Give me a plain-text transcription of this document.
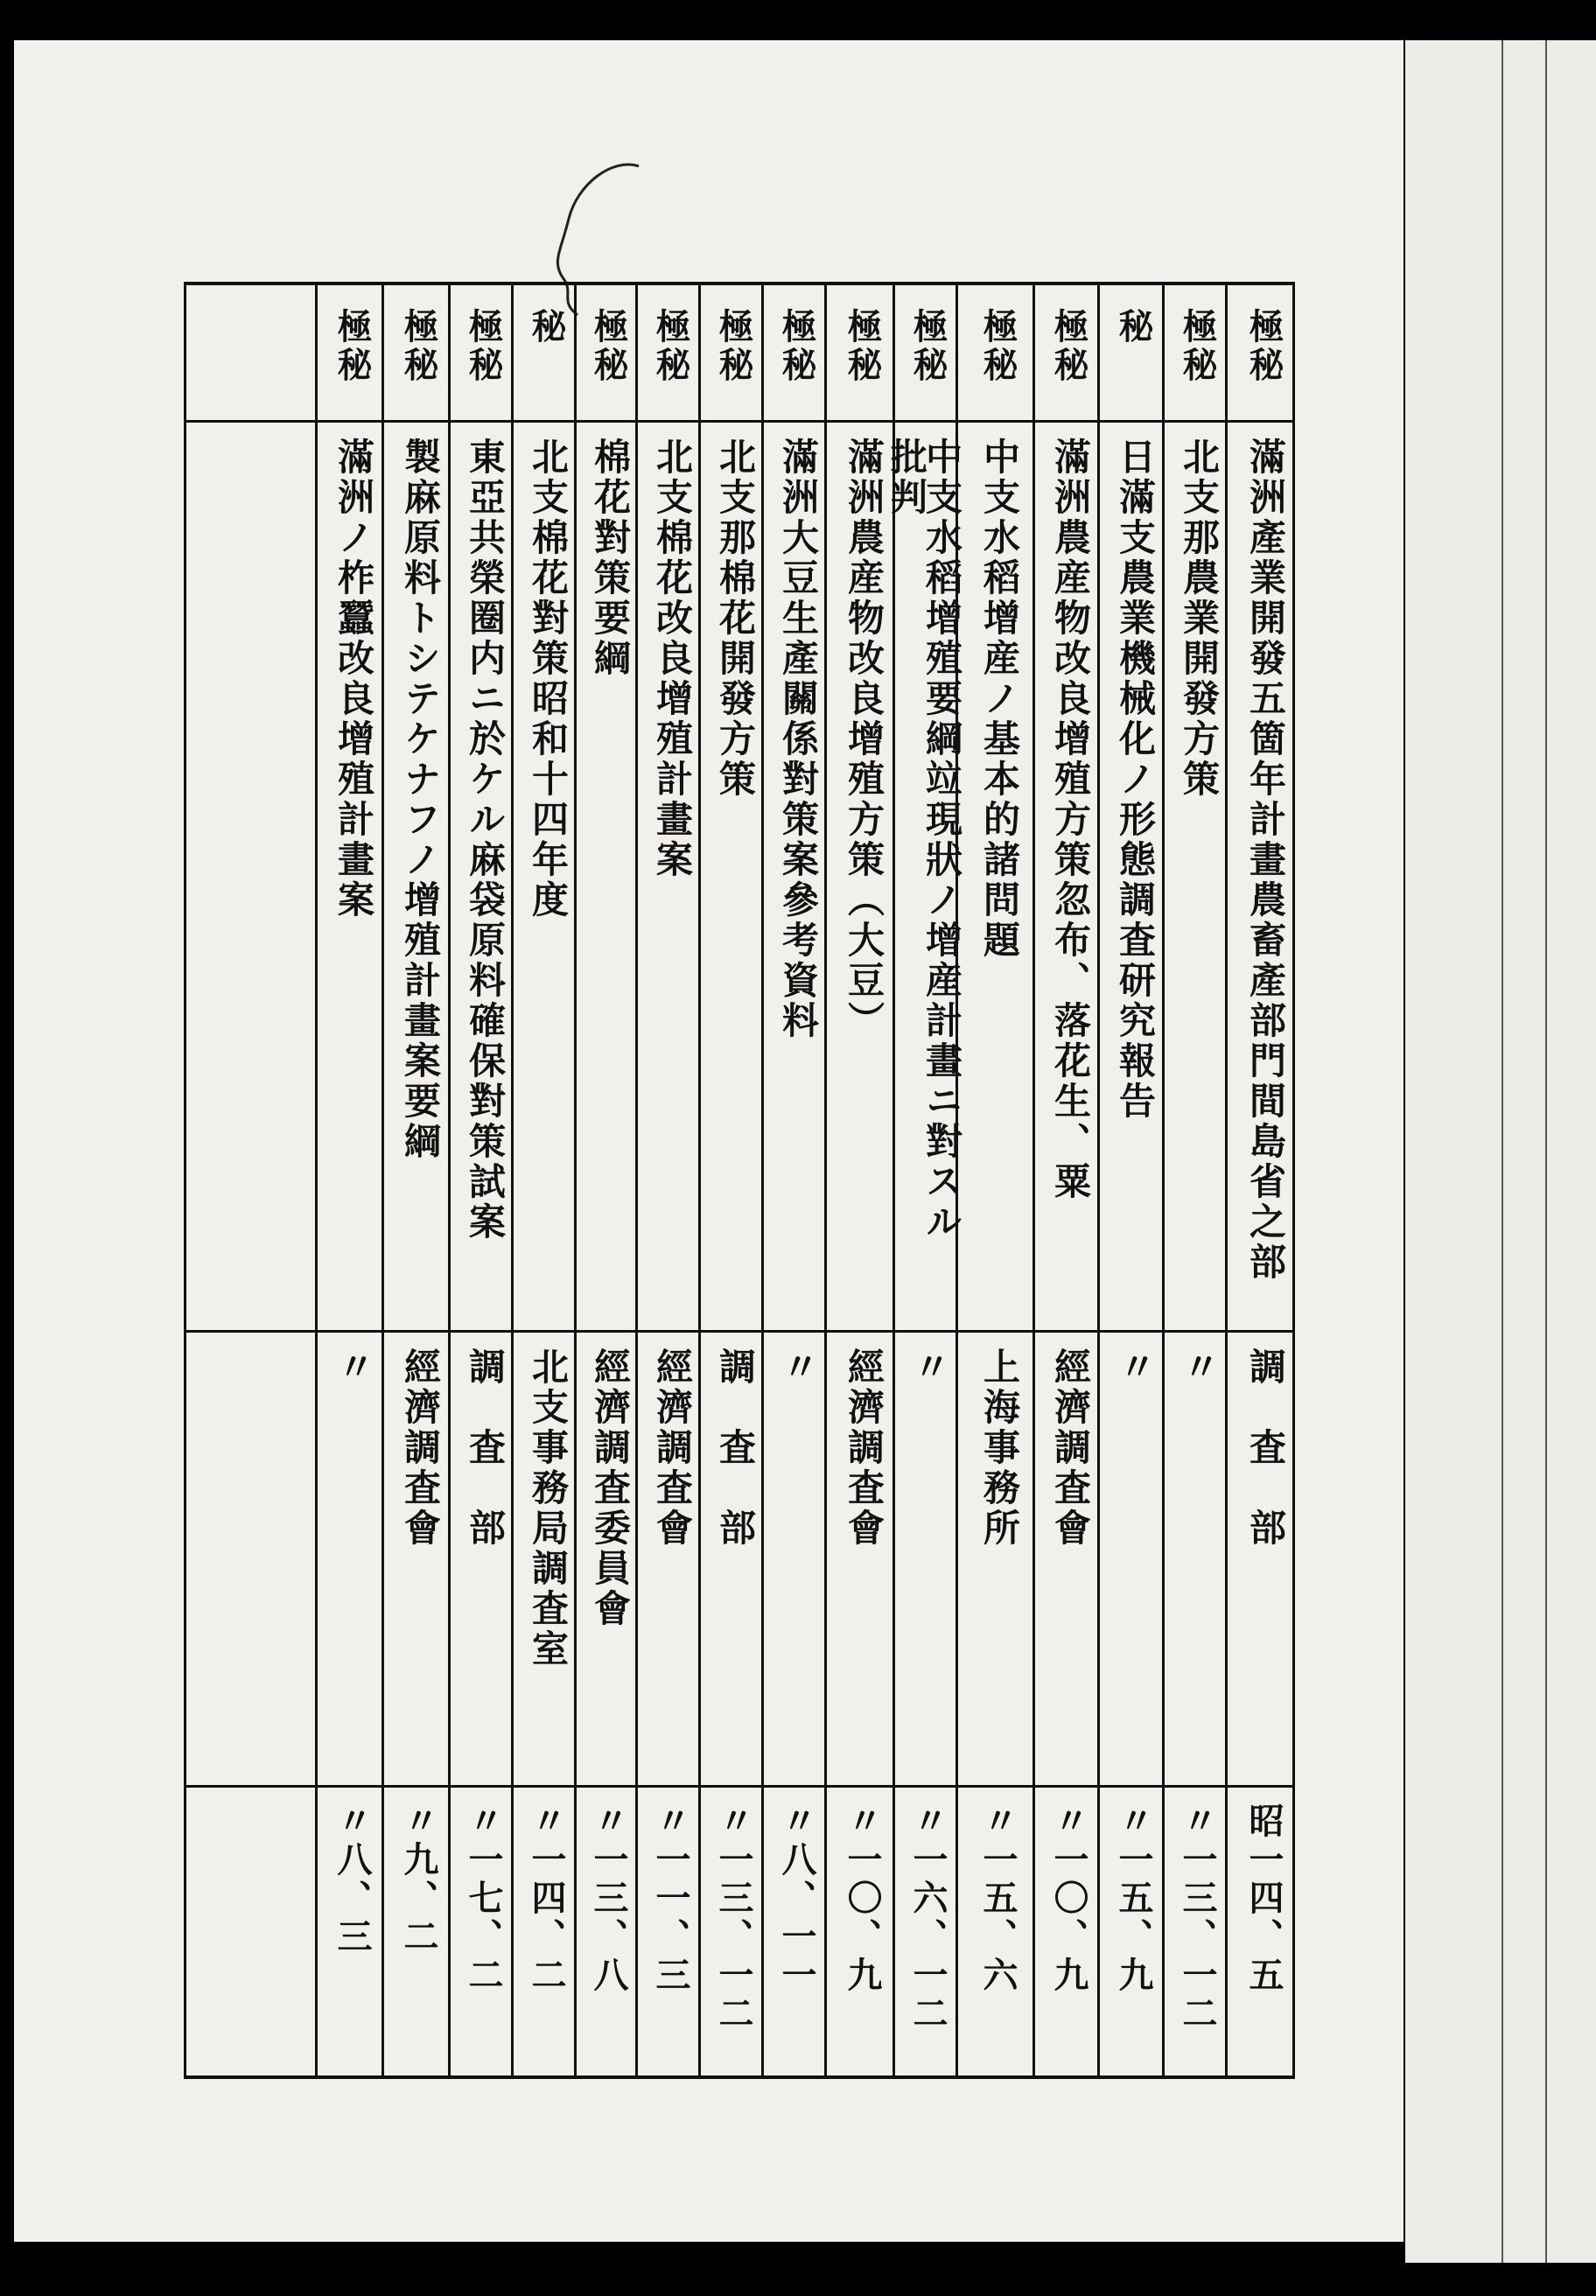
極秘
滿洲產業開發五箇年計畫農畜產部門間島省之部
調　査　部
昭一四、五
極秘
北支那農業開發方策
〃
〃一三、一二
秘
日滿支農業機械化ノ形態調査研究報告
〃
〃一五、九
極秘
滿洲農産物改良增殖方策忽布、落花生、粟
經濟調査會
〃一〇、九
極秘
中支水稻增産ノ基本的諸問題
上海事務所
〃一五、六
極秘
中支水稻增殖要綱竝現狀ノ增産計畫ニ對スル
批判
〃
〃一六、一二
極秘
滿洲農産物改良增殖方策（大豆）
經濟調査會
〃一〇、九
極秘
滿洲大豆生產關係對策案參考資料
〃
〃八、一一
極秘
北支那棉花開發方策
調　査　部
〃一三、一二
極秘
北支棉花改良增殖計畫案
經濟調査會
〃一一、三
極秘
棉花對策要綱
經濟調査委員會
〃一三、八
秘
北支棉花對策昭和十四年度
北支事務局調査室
〃一四、二
極秘
東亞共榮圈内ニ於ケル麻袋原料確保對策試案
調　査　部
〃一七、二
極秘
製麻原料トシテケナフノ增殖計畫案要綱
經濟調査會
〃九、二
極秘
滿洲ノ柞蠶改良增殖計畫案
〃
〃八、三
